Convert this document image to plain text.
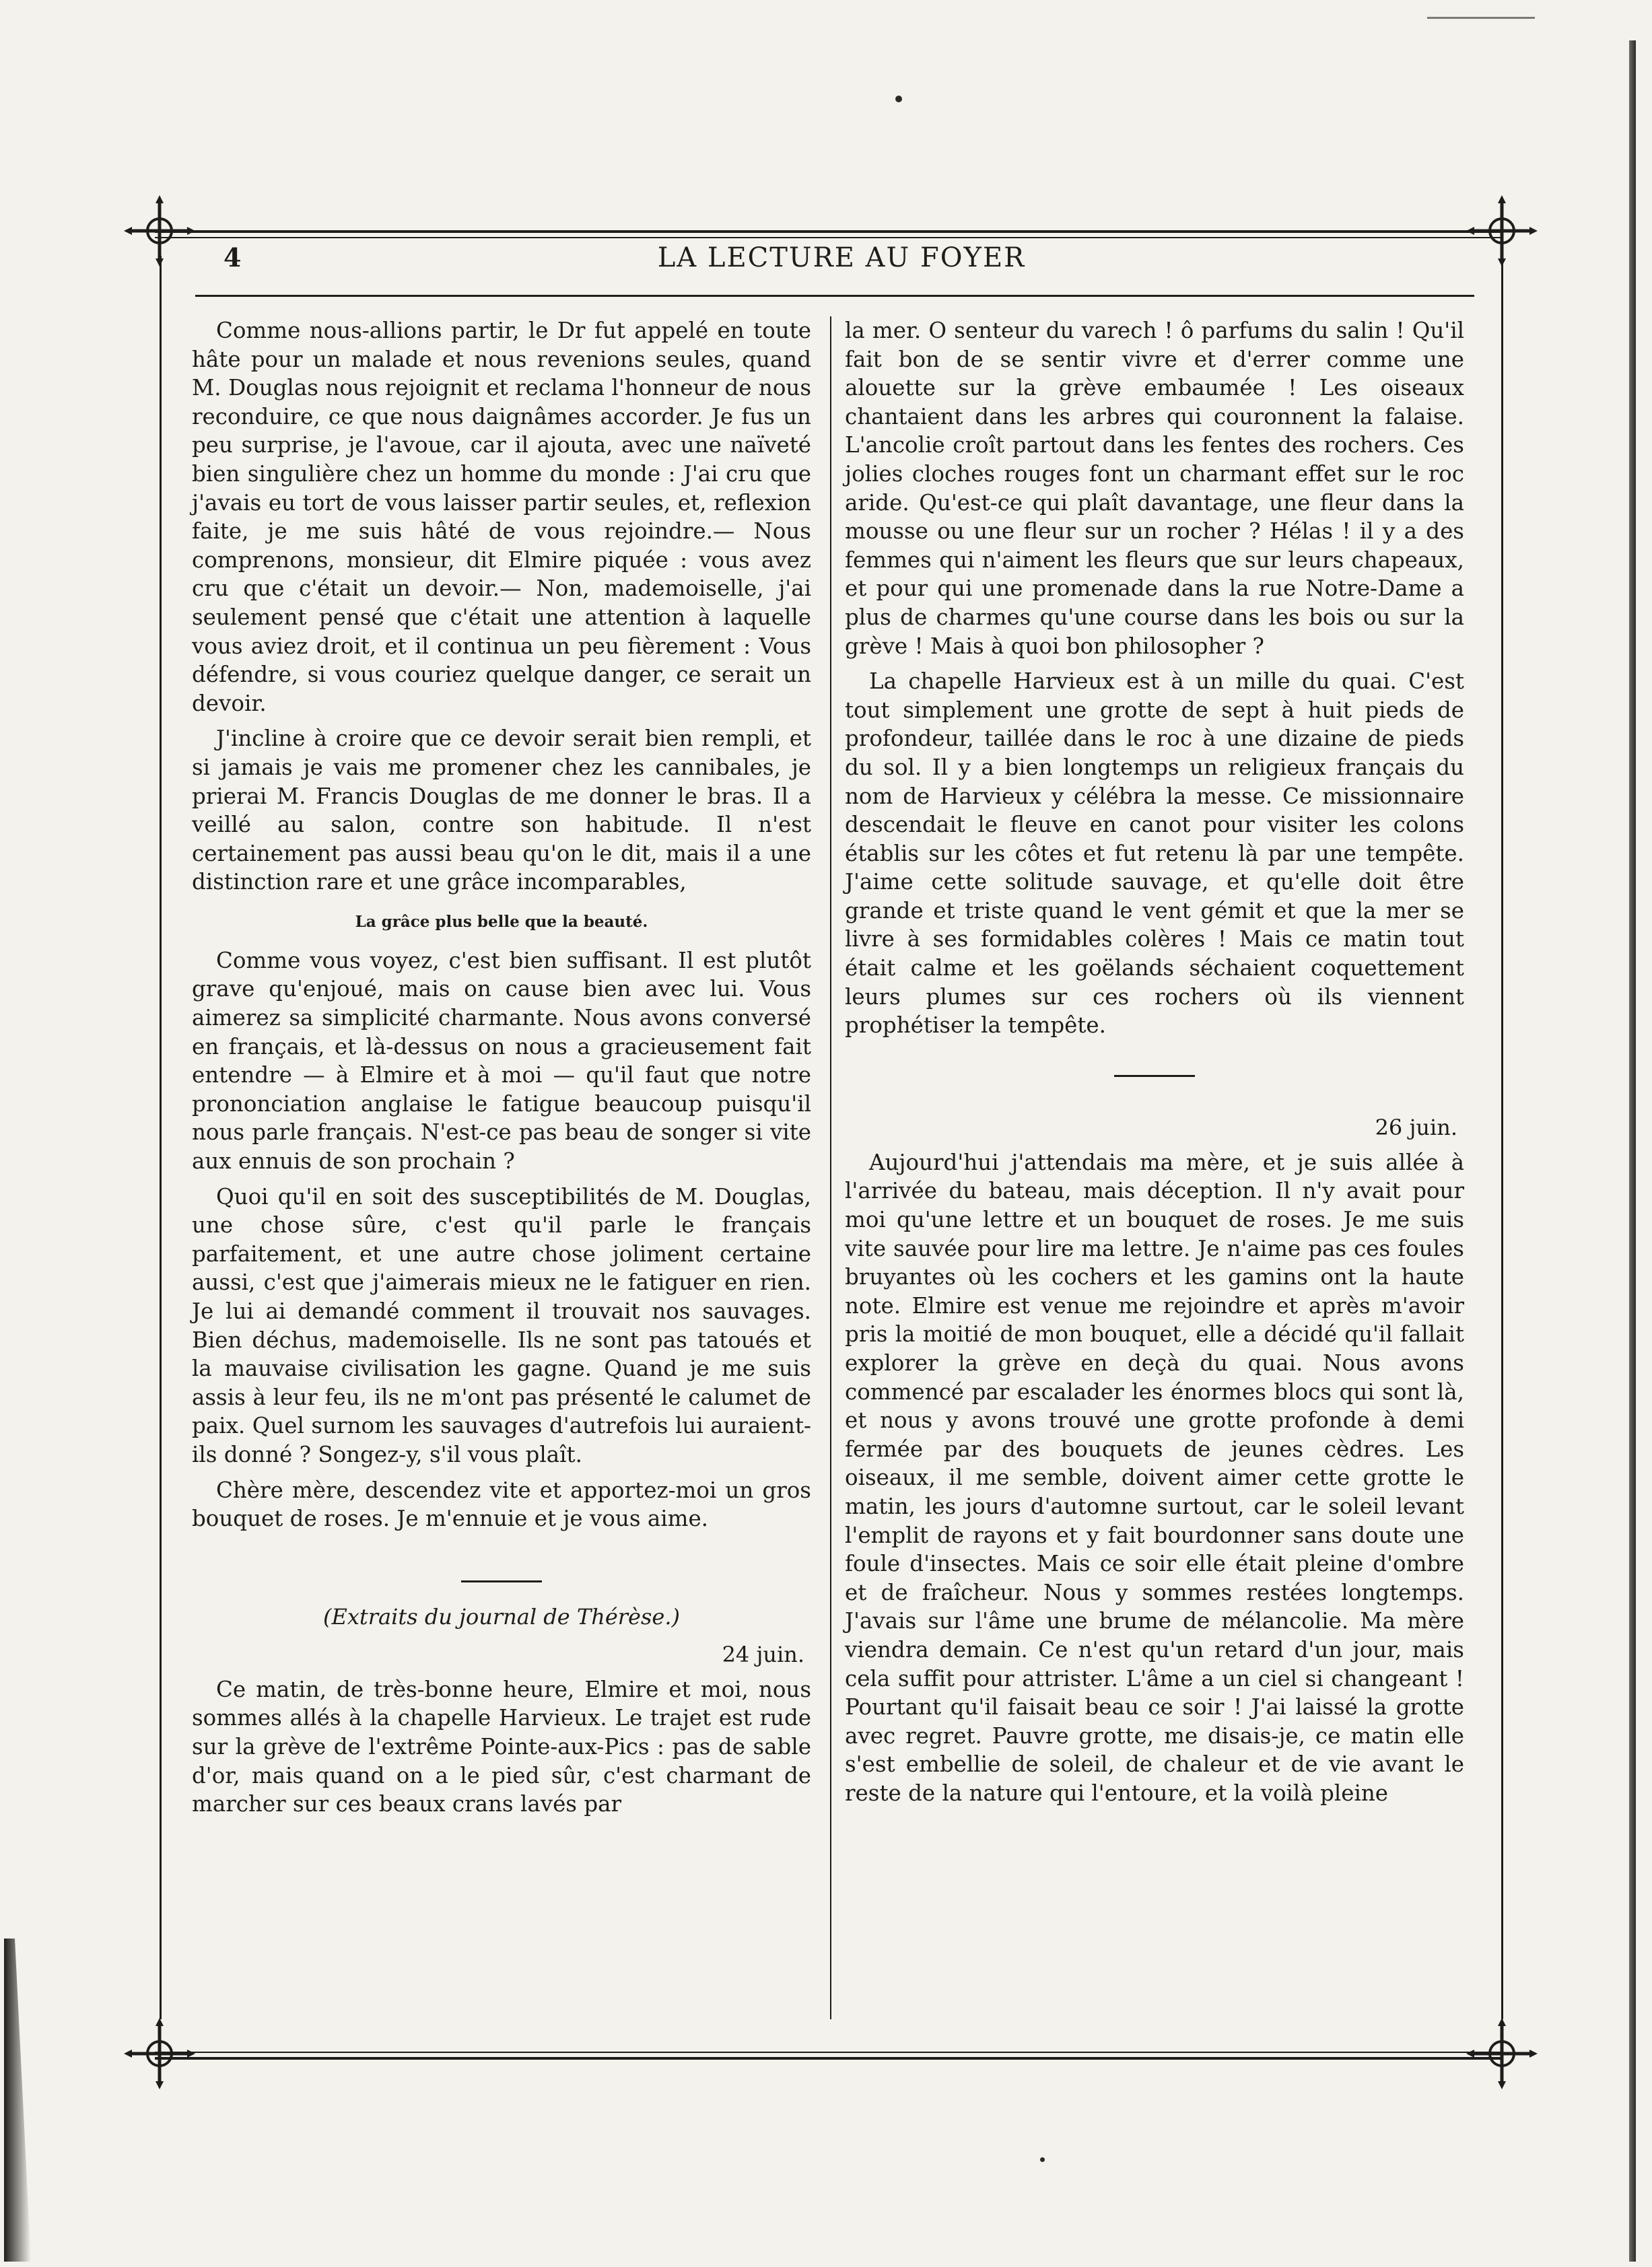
4	LA LECTURE AU FOYER

Comme nous-allions partir, le Dr fut appelé en toute hâte pour un malade et nous revenions seules, quand M. Douglas nous rejoignit et reclama l'honneur de nous reconduire, ce que nous daignâmes accorder. Je fus un peu surprise, je l'avoue, car il ajouta, avec une naïveté bien singulière chez un homme du monde : J'ai cru que j'avais eu tort de vous laisser partir seules, et, reflexion faite, je me suis hâté de vous rejoindre.— Nous comprenons, monsieur, dit Elmire piquée : vous avez cru que c'était un devoir.— Non, mademoiselle, j'ai seulement pensé que c'était une attention à laquelle vous aviez droit, et il continua un peu fièrement : Vous défendre, si vous couriez quelque danger, ce serait un devoir.

J'incline à croire que ce devoir serait bien rempli, et si jamais je vais me promener chez les cannibales, je prierai M. Francis Douglas de me donner le bras. Il a veillé au salon, contre son habitude. Il n'est certainement pas aussi beau qu'on le dit, mais il a une distinction rare et une grâce incomparables,

La grâce plus belle que la beauté.

Comme vous voyez, c'est bien suffisant. Il est plutôt grave qu'enjoué, mais on cause bien avec lui. Vous aimerez sa simplicité charmante. Nous avons conversé en français, et là-dessus on nous a gracieusement fait entendre — à Elmire et à moi — qu'il faut que notre prononciation anglaise le fatigue beaucoup puisqu'il nous parle français. N'est-ce pas beau de songer si vite aux ennuis de son prochain ?

Quoi qu'il en soit des susceptibilités de M. Douglas, une chose sûre, c'est qu'il parle le français parfaitement, et une autre chose joliment certaine aussi, c'est que j'aimerais mieux ne le fatiguer en rien. Je lui ai demandé comment il trouvait nos sauvages. Bien déchus, mademoiselle. Ils ne sont pas tatoués et la mauvaise civilisation les gagne. Quand je me suis assis à leur feu, ils ne m'ont pas présenté le calumet de paix. Quel surnom les sauvages d'autrefois lui auraient-ils donné ? Songez-y, s'il vous plaît.

Chère mère, descendez vite et apportez-moi un gros bouquet de roses. Je m'ennuie et je vous aime.

(Extraits du journal de Thérèse.)

24 juin.

Ce matin, de très-bonne heure, Elmire et moi, nous sommes allés à la chapelle Harvieux. Le trajet est rude sur la grève de l'extrême Pointe-aux-Pics : pas de sable d'or, mais quand on a le pied sûr, c'est charmant de marcher sur ces beaux crans lavés par

la mer. O senteur du varech ! ô parfums du salin ! Qu'il fait bon de se sentir vivre et d'errer comme une alouette sur la grève embaumée ! Les oiseaux chantaient dans les arbres qui couronnent la falaise. L'ancolie croît partout dans les fentes des rochers. Ces jolies cloches rouges font un charmant effet sur le roc aride. Qu'est-ce qui plaît davantage, une fleur dans la mousse ou une fleur sur un rocher ? Hélas ! il y a des femmes qui n'aiment les fleurs que sur leurs chapeaux, et pour qui une promenade dans la rue Notre-Dame a plus de charmes qu'une course dans les bois ou sur la grève ! Mais à quoi bon philosopher ?

La chapelle Harvieux est à un mille du quai. C'est tout simplement une grotte de sept à huit pieds de profondeur, taillée dans le roc à une dizaine de pieds du sol. Il y a bien longtemps un religieux français du nom de Harvieux y célébra la messe. Ce missionnaire descendait le fleuve en canot pour visiter les colons établis sur les côtes et fut retenu là par une tempête. J'aime cette solitude sauvage, et qu'elle doit être grande et triste quand le vent gémit et que la mer se livre à ses formidables colères ! Mais ce matin tout était calme et les goëlands séchaient coquettement leurs plumes sur ces rochers où ils viennent prophétiser la tempête.

26 juin.

Aujourd'hui j'attendais ma mère, et je suis allée à l'arrivée du bateau, mais déception. Il n'y avait pour moi qu'une lettre et un bouquet de roses. Je me suis vite sauvée pour lire ma lettre. Je n'aime pas ces foules bruyantes où les cochers et les gamins ont la haute note. Elmire est venue me rejoindre et après m'avoir pris la moitié de mon bouquet, elle a décidé qu'il fallait explorer la grève en deçà du quai. Nous avons commencé par escalader les énormes blocs qui sont là, et nous y avons trouvé une grotte profonde à demi fermée par des bouquets de jeunes cèdres. Les oiseaux, il me semble, doivent aimer cette grotte le matin, les jours d'automne surtout, car le soleil levant l'emplit de rayons et y fait bourdonner sans doute une foule d'insectes. Mais ce soir elle était pleine d'ombre et de fraîcheur. Nous y sommes restées longtemps. J'avais sur l'âme une brume de mélancolie. Ma mère viendra demain. Ce n'est qu'un retard d'un jour, mais cela suffit pour attrister. L'âme a un ciel si changeant ! Pourtant qu'il faisait beau ce soir ! J'ai laissé la grotte avec regret. Pauvre grotte, me disais-je, ce matin elle s'est embellie de soleil, de chaleur et de vie avant le reste de la nature qui l'entoure, et la voilà pleine
